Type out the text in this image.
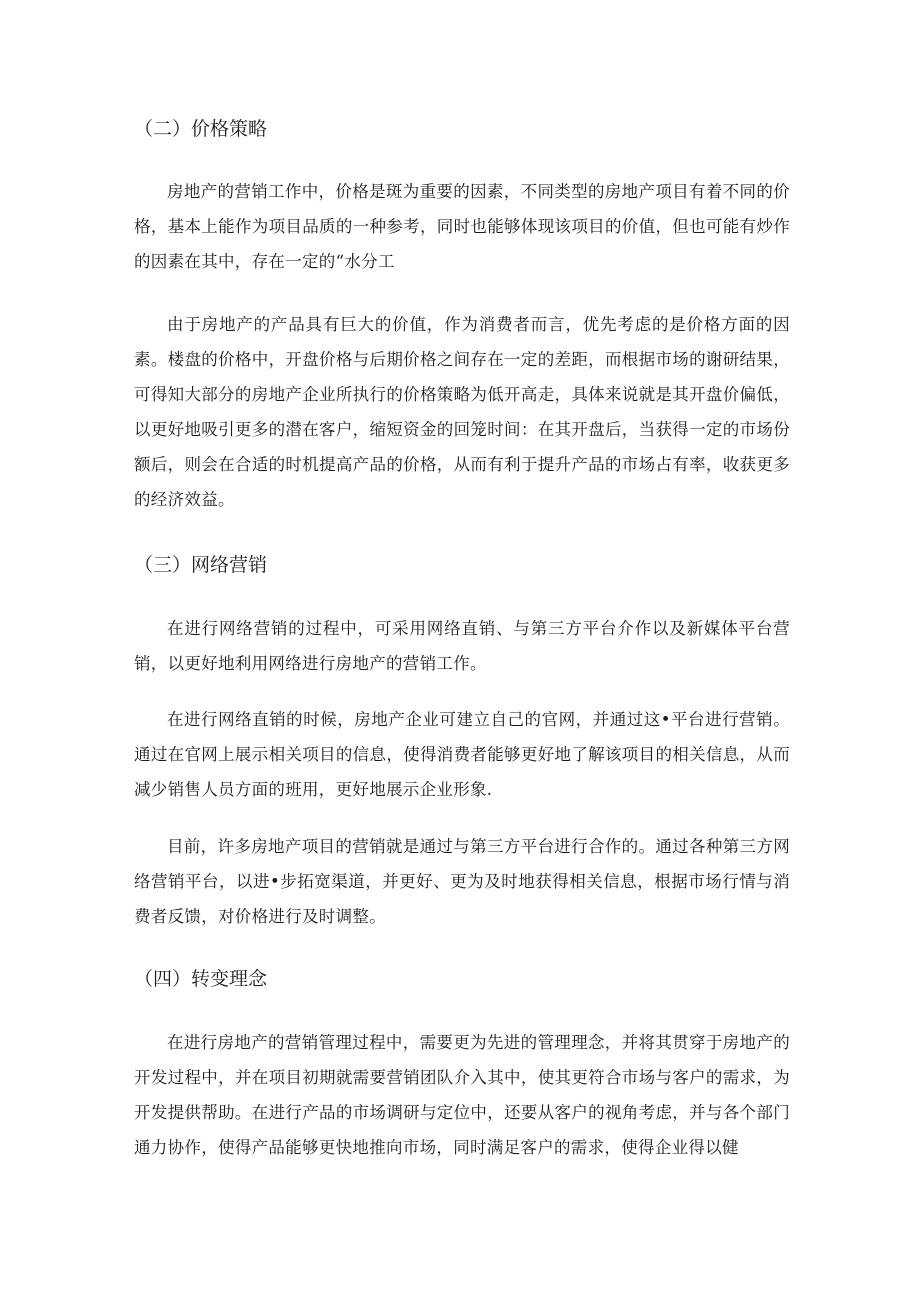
（二）价格策略

房地产的营销工作中，价格是斑为重要的因素，不同类型的房地产项目有着不同的价格，基本上能作为项目品质的一种参考，同时也能够体现该项目的价值，但也可能有炒作的因素在其中，存在一定的“水分工

由于房地产的产品具有巨大的价值，作为消费者而言，优先考虑的是价格方面的因素。楼盘的价格中，开盘价格与后期价格之间存在一定的差距，而根据市场的谢研结果，可得知大部分的房地产企业所执行的价格策略为低开高走，具体来说就是其开盘价偏低，以更好地吸引更多的潜在客户，缩短资金的回笼时间：在其开盘后，当获得一定的市场份额后，则会在合适的时机提高产品的价格，从而有利于提升产品的市场占有率，收获更多的经济效益。

（三）网络营销

在进行网络营销的过程中，可采用网络直销、与第三方平台介作以及新媒体平台营销，以更好地利用网络进行房地产的营销工作。

在进行网络直销的时候，房地产企业可建立自己的官网，并通过这•平台进行营销。通过在官网上展示相关项目的信息，使得消费者能够更好地了解该项目的相关信息，从而减少销售人员方面的班用，更好地展示企业形象.

目前，许多房地产项目的营销就是通过与第三方平台进行合作的。通过各种第三方网络营销平台，以进•步拓宽渠道，并更好、更为及时地获得相关信息，根据市场行情与消费者反馈，对价格进行及时调整。

（四）转变理念

在进行房地产的营销管理过程中，需要更为先进的管理理念，并将其贯穿于房地产的开发过程中，并在项目初期就需要营销团队介入其中，使其更符合市场与客户的需求，为开发提供帮助。在进行产品的市场调研与定位中，还要从客户的视角考虑，并与各个部门通力协作，使得产品能够更快地推向市场，同时满足客户的需求，使得企业得以健
